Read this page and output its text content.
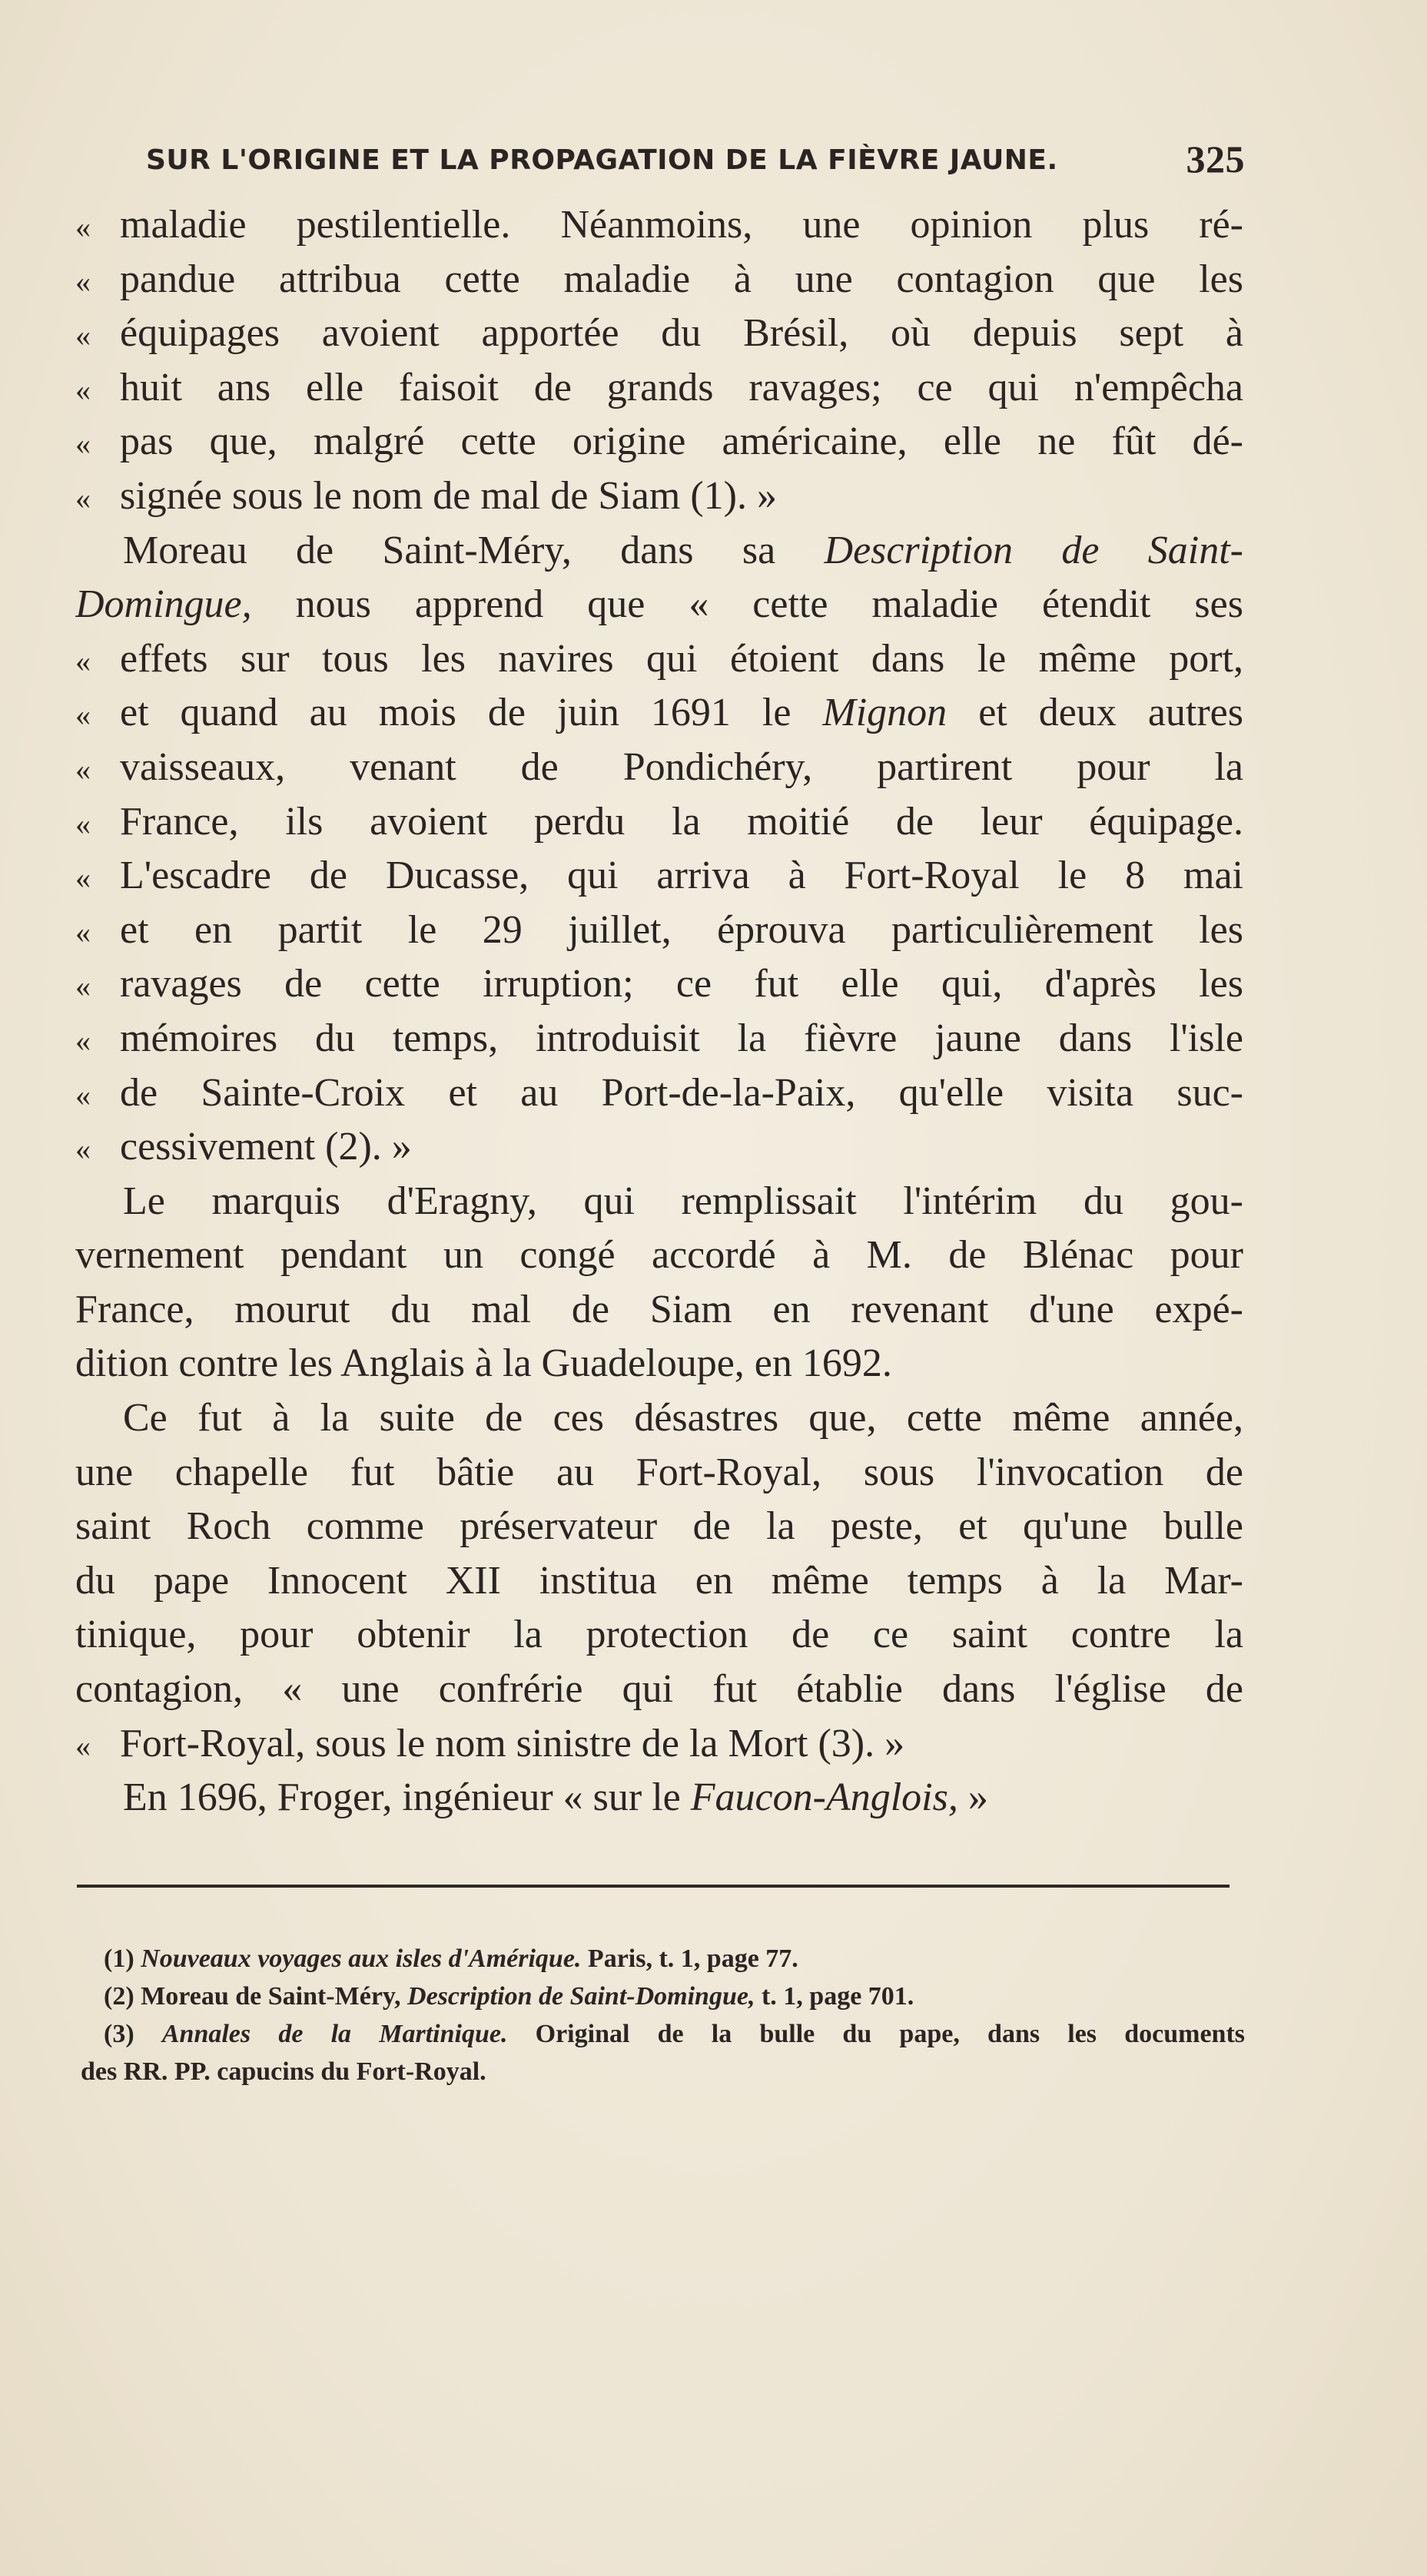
SUR L'ORIGINE ET LA PROPAGATION DE LA FIÈVRE JAUNE.	325
« maladie pestilentielle. Néanmoins, une opinion plus ré-
« pandue attribua cette maladie à une contagion que les
« équipages avoient apportée du Brésil, où depuis sept à
« huit ans elle faisoit de grands ravages; ce qui n'empêcha
« pas que, malgré cette origine américaine, elle ne fût dé-
« signée sous le nom de mal de Siam (1). »
Moreau de Saint-Méry, dans sa Description de Saint-
Domingue, nous apprend que « cette maladie étendit ses
« effets sur tous les navires qui étoient dans le même port,
« et quand au mois de juin 1691 le Mignon et deux autres
« vaisseaux, venant de Pondichéry, partirent pour la
« France, ils avoient perdu la moitié de leur équipage.
« L'escadre de Ducasse, qui arriva à Fort-Royal le 8 mai
« et en partit le 29 juillet, éprouva particulièrement les
« ravages de cette irruption; ce fut elle qui, d'après les
« mémoires du temps, introduisit la fièvre jaune dans l'isle
« de Sainte-Croix et au Port-de-la-Paix, qu'elle visita suc-
« cessivement (2). »
Le marquis d'Eragny, qui remplissait l'intérim du gou-
vernement pendant un congé accordé à M. de Blénac pour
France, mourut du mal de Siam en revenant d'une expé-
dition contre les Anglais à la Guadeloupe, en 1692.
Ce fut à la suite de ces désastres que, cette même année,
une chapelle fut bâtie au Fort-Royal, sous l'invocation de
saint Roch comme préservateur de la peste, et qu'une bulle
du pape Innocent XII institua en même temps à la Mar-
tinique, pour obtenir la protection de ce saint contre la
contagion, « une confrérie qui fut établie dans l'église de
« Fort-Royal, sous le nom sinistre de la Mort (3). »
En 1696, Froger, ingénieur « sur le Faucon-Anglois, »
(1) Nouveaux voyages aux isles d'Amérique. Paris, t. 1, page 77.
(2) Moreau de Saint-Méry, Description de Saint-Domingue, t. 1, page 701.
(3) Annales de la Martinique. Original de la bulle du pape, dans les documents
des RR. PP. capucins du Fort-Royal.
